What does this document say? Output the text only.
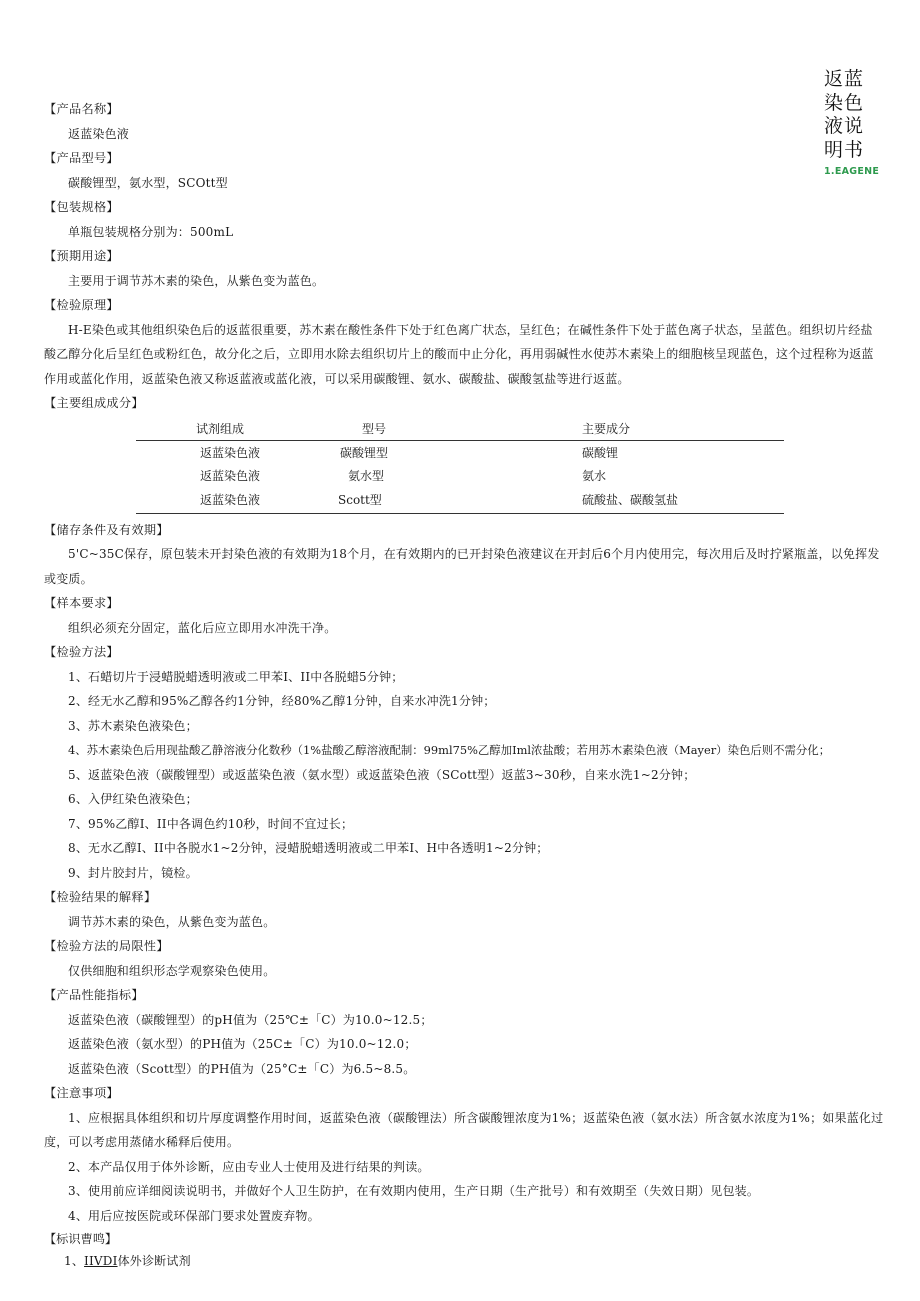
返蓝
染色
液说
明书
1.EAGENE
【产品名称】
返蓝染色液
【产品型号】
碳酸锂型，氨水型，SCOtt型
【包装规格】
单瓶包装规格分别为：500mL
【预期用途】
主要用于调节苏木素的染色，从紫色变为蓝色。
【检验原理】
H-E染色或其他组织染色后的返蓝很重要，苏木素在酸性条件下处于红色离广状态，呈红色；在碱性条件下处于蓝色离子状态，呈蓝色。组织切片经盐酸乙醇分化后呈红色或粉红色，故分化之后，立即用水除去组织切片上的酸而中止分化，再用弱碱性水使苏木素染上的细胞核呈现蓝色，这个过程称为返蓝作用或蓝化作用，返蓝染色液又称返蓝液或蓝化液，可以采用碳酸锂、氨水、碳酸盐、碳酸氢盐等进行返蓝。
【主要组成成分】
试剂组成	型号	主要成分
返蓝染色液	碳酸锂型	碳酸锂
返蓝染色液	氨水型	氨水
返蓝染色液	Scott型	硫酸盐、碳酸氢盐
【储存条件及有效期】
5'C~35C保存，原包装未开封染色液的有效期为18个月，在有效期内的已开封染色液建议在开封后6个月内使用完，每次用后及时拧紧瓶盖，以免挥发或变质。
【样本要求】
组织必须充分固定，蓝化后应立即用水冲洗干净。
【检验方法】
1、石蜡切片于浸蜡脱蜡透明液或二甲苯I、II中各脱蜡5分钟；
2、经无水乙醇和95%乙醇各约1分钟，经80%乙醇1分钟，自来水冲洗1分钟；
3、苏木素染色液染色；
4、苏木素染色后用现盐酸乙静溶液分化数秒（1%盐酸乙醇溶液配制：99ml75%乙醇加Iml浓盐酸；若用苏木素染色液（Mayer）染色后则不需分化；
5、返蓝染色液（碳酸锂型）或返蓝染色液（氨水型）或返蓝染色液（SCott型）返蓝3~30秒，自来水洗1~2分钟；
6、入伊红染色液染色；
7、95%乙醇I、II中各调色约10秒，时间不宜过长；
8、无水乙醇I、II中各脱水1~2分钟，浸蜡脱蜡透明液或二甲苯I、H中各透明1~2分钟；
9、封片胶封片，镜检。
【检验结果的解释】
调节苏木素的染色，从紫色变为蓝色。
【检验方法的局限性】
仅供细胞和组织形态学观察染色使用。
【产品性能指标】
返蓝染色液（碳酸锂型）的pH值为（25℃±「C）为10.0~12.5；
返蓝染色液（氨水型）的PH值为（25C±「C）为10.0~12.0；
返蓝染色液（Scott型）的PH值为（25°C±「C）为6.5~8.5。
【注意事项】
1、应根据具体组织和切片厚度调整作用时间，返蓝染色液（碳酸锂法）所含碳酸锂浓度为1%；返蓝染色液（氨水法）所含氨水浓度为1%；如果蓝化过度，可以考虑用蒸储水稀释后使用。
2、本产品仅用于体外诊断，应由专业人士使用及进行结果的判读。
3、使用前应详细阅读说明书，并做好个人卫生防护，在有效期内使用，生产日期（生产批号）和有效期至（失效日期）见包装。
4、用后应按医院或环保部门要求处置废弃物。
【标识曹鸣】
1、IIVDI体外诊断试剂
